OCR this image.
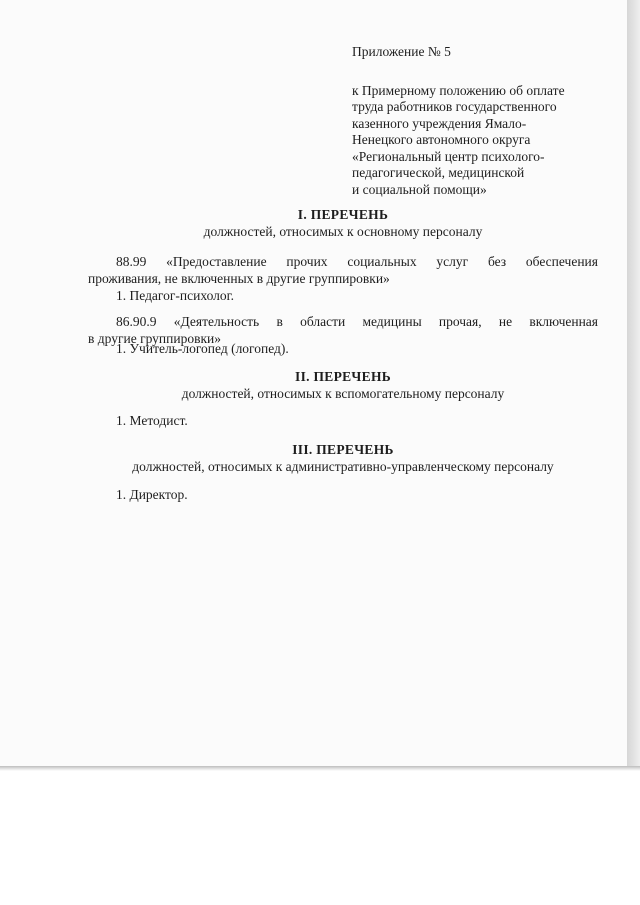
Приложение № 5
к Примерному положению об оплате
труда работников государственного
казенного учреждения Ямало-
Ненецкого автономного округа
«Региональный центр психолого-
педагогической, медицинской
и социальной помощи»
I. ПЕРЕЧЕНЬ
должностей, относимых к основному персоналу
88.99 «Предоставление прочих социальных услуг без обеспечения
проживания, не включенных в другие группировки»
1. Педагог-психолог.
86.90.9 «Деятельность в области медицины прочая, не включенная
в другие группировки»
1. Учитель-логопед (логопед).
II. ПЕРЕЧЕНЬ
должностей, относимых к вспомогательному персоналу
1. Методист.
III. ПЕРЕЧЕНЬ
должностей, относимых к административно-управленческому персоналу
1. Директор.
